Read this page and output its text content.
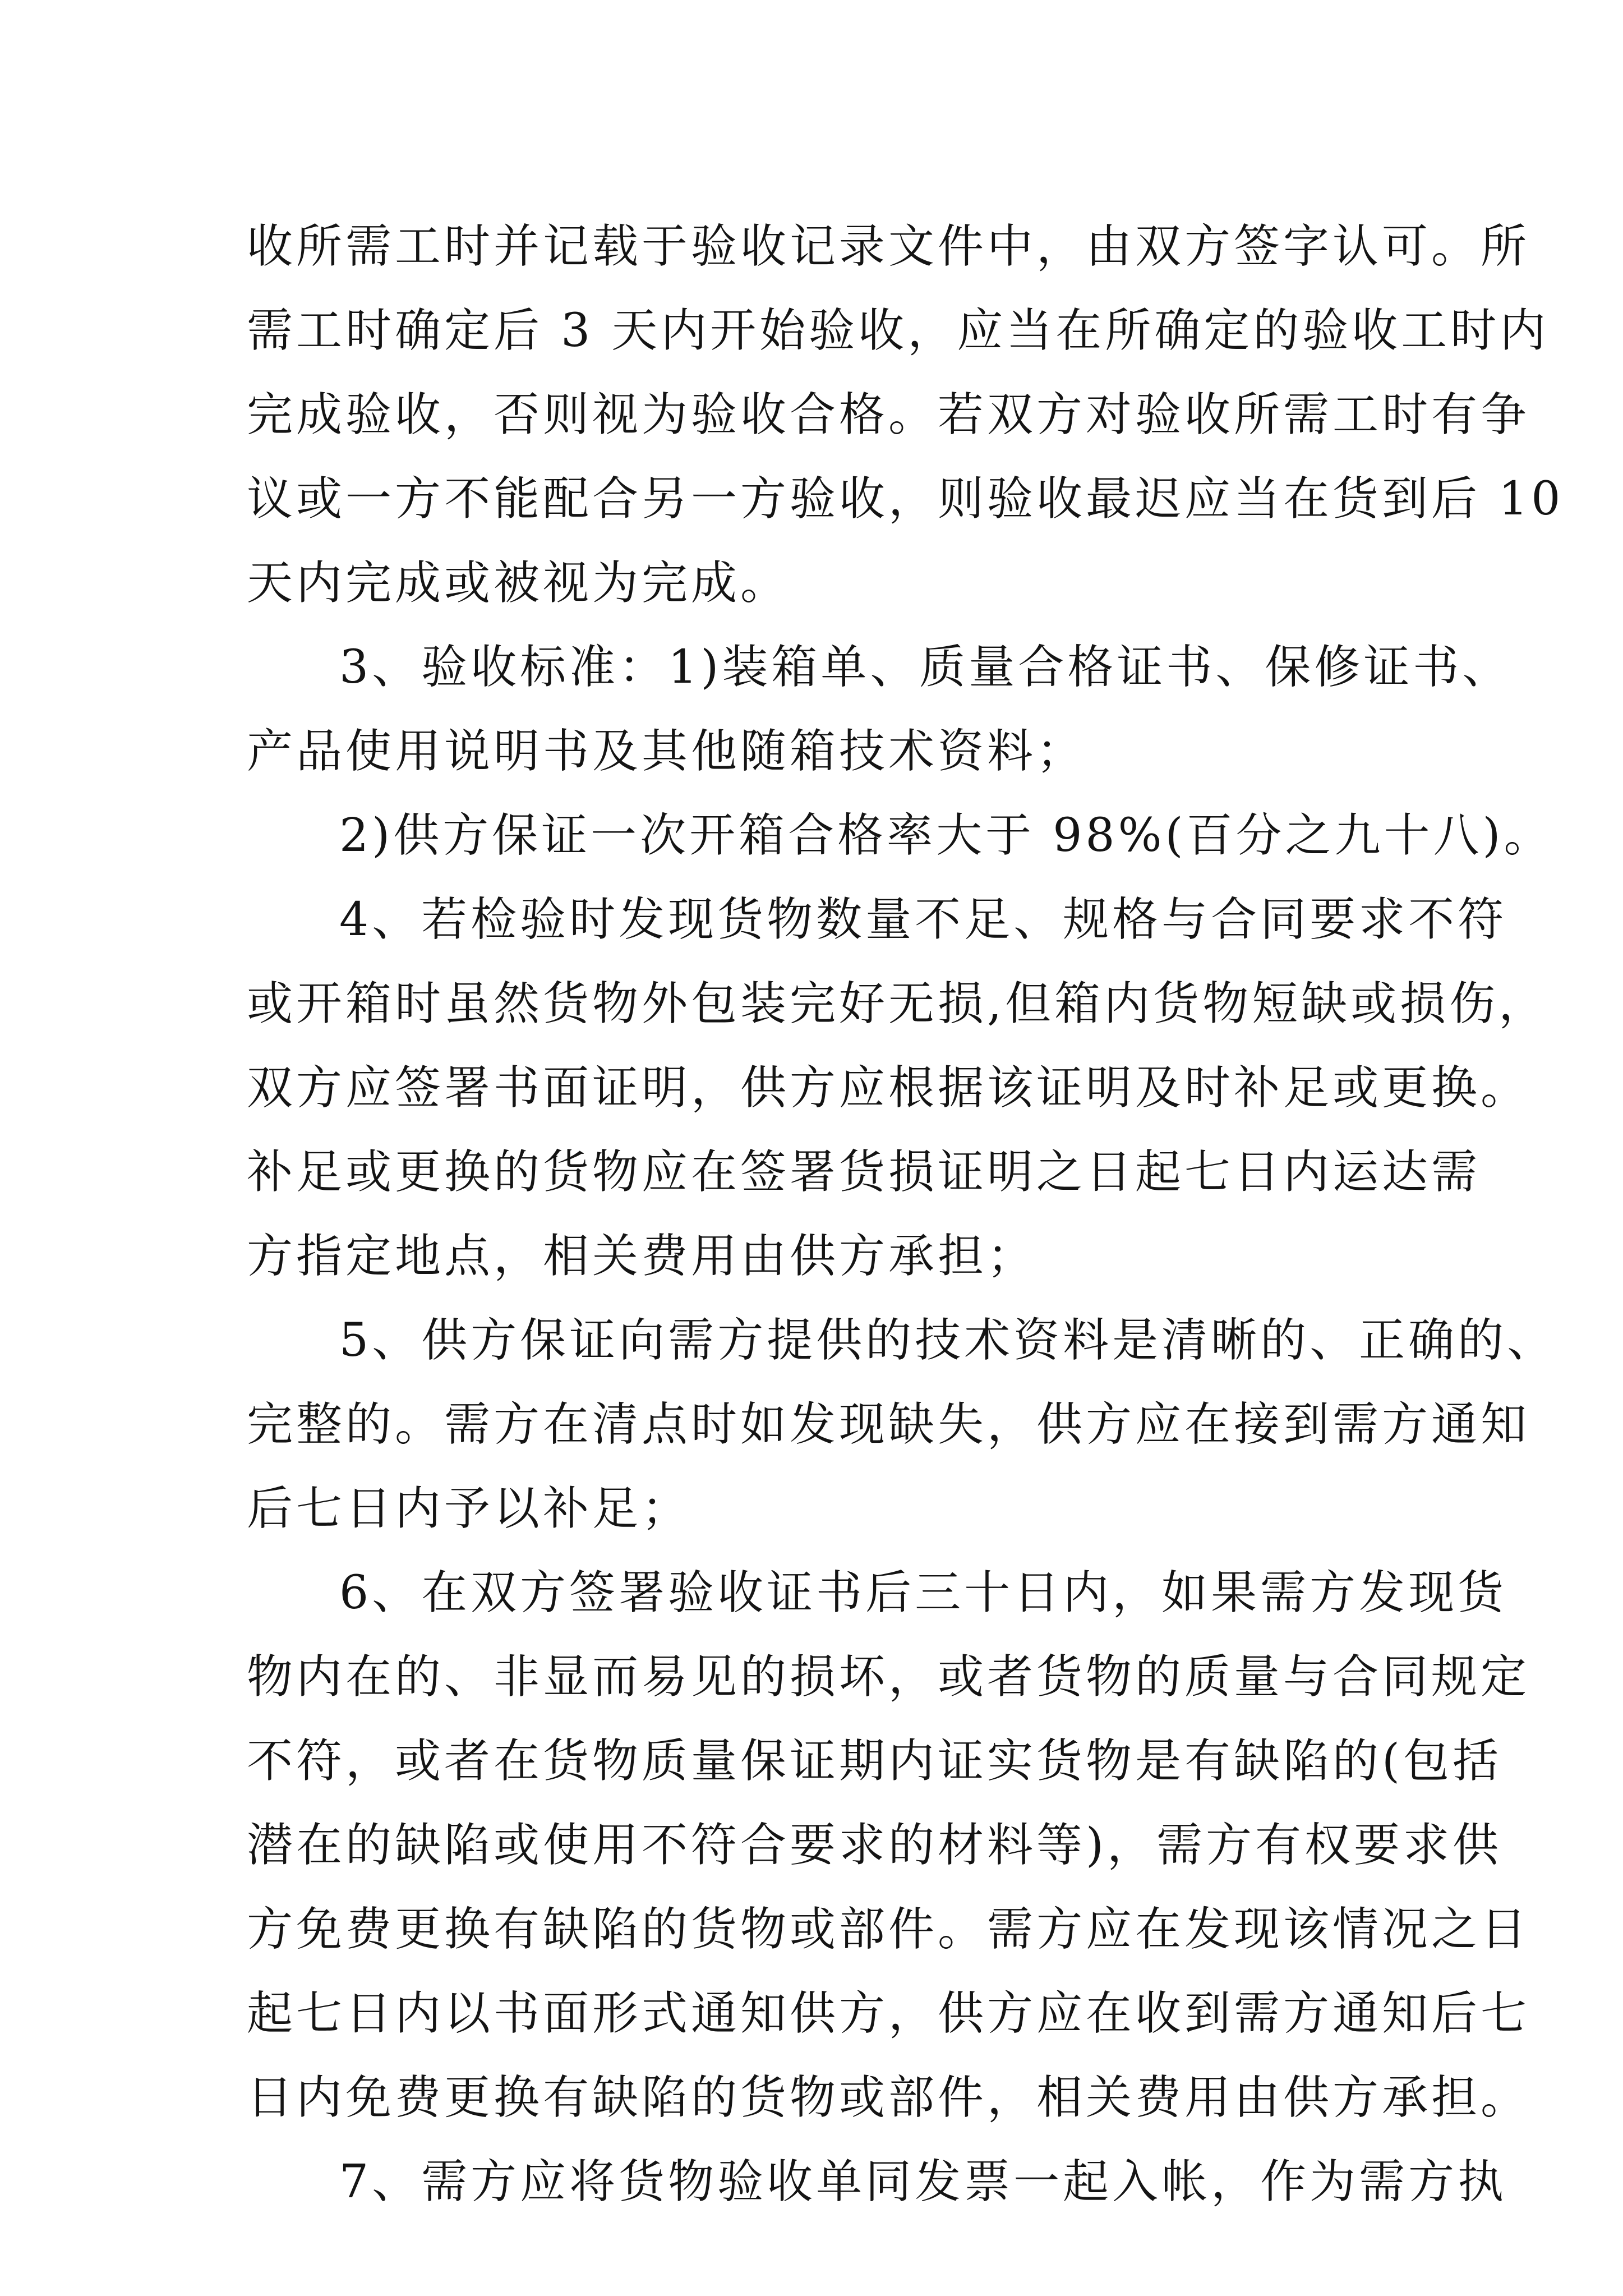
收所需工时并记载于验收记录文件中，由双方签字认可。所
需工时确定后 3 天内开始验收，应当在所确定的验收工时内
完成验收，否则视为验收合格。若双方对验收所需工时有争
议或一方不能配合另一方验收，则验收最迟应当在货到后 10
天内完成或被视为完成。
3、验收标准：1)装箱单、质量合格证书、保修证书、
产品使用说明书及其他随箱技术资料；
2)供方保证一次开箱合格率大于 98%(百分之九十八)。
4、若检验时发现货物数量不足、规格与合同要求不符
或开箱时虽然货物外包装完好无损,但箱内货物短缺或损伤，
双方应签署书面证明，供方应根据该证明及时补足或更换。
补足或更换的货物应在签署货损证明之日起七日内运达需
方指定地点，相关费用由供方承担；
5、供方保证向需方提供的技术资料是清晰的、正确的、
完整的。需方在清点时如发现缺失，供方应在接到需方通知
后七日内予以补足；
6、在双方签署验收证书后三十日内，如果需方发现货
物内在的、非显而易见的损坏，或者货物的质量与合同规定
不符，或者在货物质量保证期内证实货物是有缺陷的(包括
潜在的缺陷或使用不符合要求的材料等)，需方有权要求供
方免费更换有缺陷的货物或部件。需方应在发现该情况之日
起七日内以书面形式通知供方，供方应在收到需方通知后七
日内免费更换有缺陷的货物或部件，相关费用由供方承担。
7、需方应将货物验收单同发票一起入帐，作为需方执
